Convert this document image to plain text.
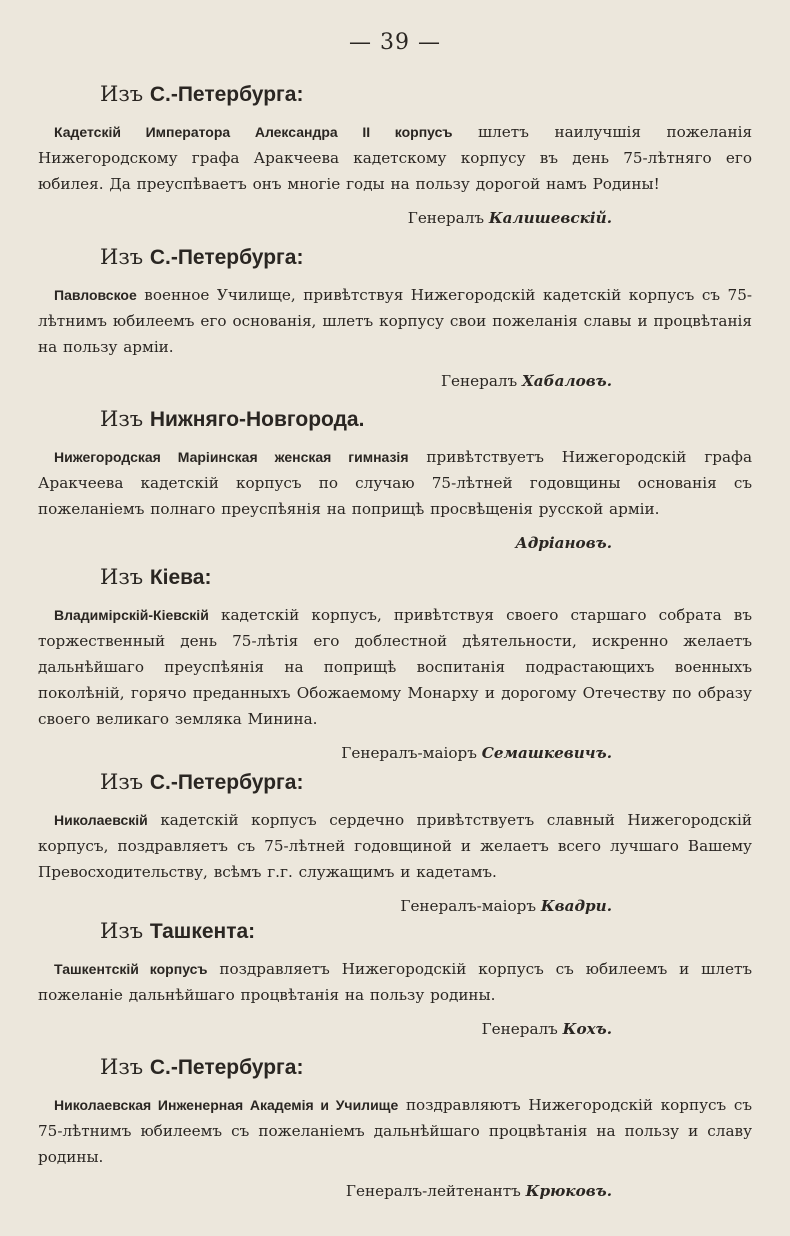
— 39 —
Изъ С.-Петербурга:
Кадетскій Императора Александра II корпусъ шлетъ наилучшія пожеланія Нижегородскому графа Аракчеева кадетскому корпусу въ день 75-лѣтняго его юбилея. Да преуспѣваетъ онъ многіе годы на пользу дорогой намъ Родины!
Генералъ Калишевскій.
Изъ С.-Петербурга:
Павловское военное Училище, привѣтствуя Нижегородскій кадетскій корпусъ съ 75-лѣтнимъ юбилеемъ его основанія, шлетъ корпусу свои пожеланія славы и процвѣтанія на пользу арміи.
Генералъ Хабаловъ.
Изъ Нижняго-Новгорода.
Нижегородская Маріинская женская гимназія привѣтствуетъ Нижегородскій графа Аракчеева кадетскій корпусъ по случаю 75-лѣтней годовщины основанія съ пожеланіемъ полнаго преуспѣянія на поприщѣ просвѣщенія русской арміи.
Адріановъ.
Изъ Кіева:
Владимірскій-Кіевскій кадетскій корпусъ, привѣтствуя своего старшаго собрата въ торжественный день 75-лѣтія его доблестной дѣятельности, искренно желаетъ дальнѣйшаго преуспѣянія на поприщѣ воспитанія подрастающихъ военныхъ поколѣній, горячо преданныхъ Обожаемому Монарху и дорогому Отечеству по образу своего великаго земляка Минина.
Генералъ-маіоръ Семашкевичъ.
Изъ С.-Петербурга:
Николаевскій кадетскій корпусъ сердечно привѣтствуетъ славный Нижегородскій корпусъ, поздравляетъ съ 75-лѣтней годовщиной и желаетъ всего лучшаго Вашему Превосходительству, всѣмъ г.г. служащимъ и кадетамъ.
Генералъ-маіоръ Квадри.
Изъ Ташкента:
Ташкентскій корпусъ поздравляетъ Нижегородскій корпусъ съ юбилеемъ и шлетъ пожеланіе дальнѣйшаго процвѣтанія на пользу родины.
Генералъ Кохъ.
Изъ С.-Петербурга:
Николаевская Инженерная Академія и Училище поздравляютъ Нижегородскій корпусъ съ 75-лѣтнимъ юбилеемъ съ пожеланіемъ дальнѣйшаго процвѣтанія на пользу и славу родины.
Генералъ-лейтенантъ Крюковъ.
